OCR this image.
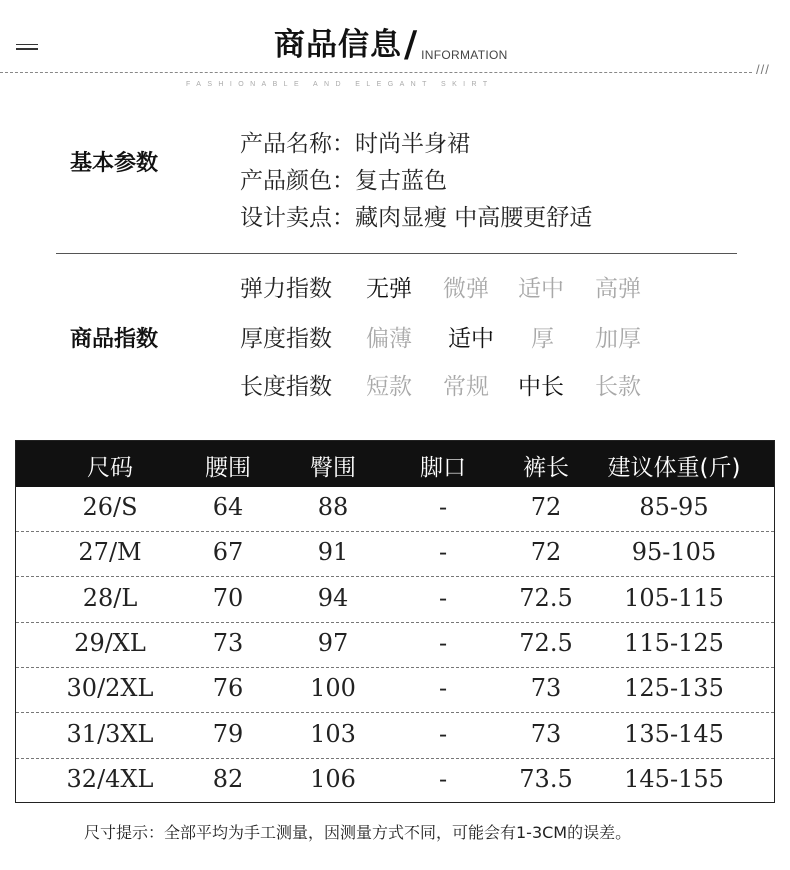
商品信息 / INFORMATION
///
FASHIONABLE AND ELEGANT SKIRT
基本参数
产品名称：时尚半身裙
产品颜色：复古蓝色
设计卖点：藏肉显瘦 中高腰更舒适
商品指数
弹力指数 无弹 微弹 适中 高弹
厚度指数 偏薄 适中 厚 加厚
长度指数 短款 常规 中长 长款
尺码	腰围	臀围	脚口 裤长 建议体重(斤)
26/S	64	88	-	72	85-95
27/M	67	91	-	72	95-105
28/L	70	94	-	72.5 105-115
29/XL	73	97	-	72.5 115-125
30/2XL 76	100	-	73	125-135
31/3XL 79	103	-	73	135-145
32/4XL 82	106	-	73.5 145-155
尺寸提示：全部平均为手工测量，因测量方式不同，可能会有1-3CM的误差。
